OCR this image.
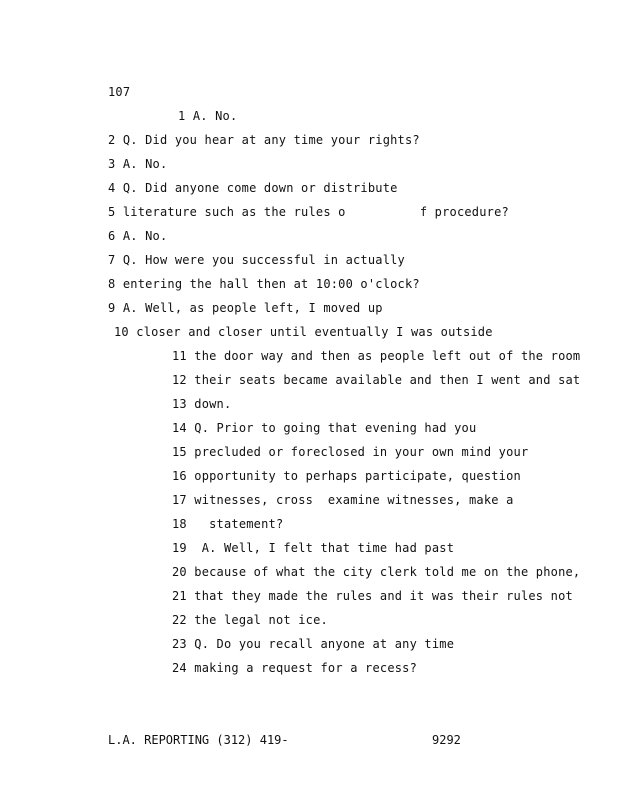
107
1 A. No.
2 Q. Did you hear at any time your rights?
3 A. No.
4 Q. Did anyone come down or distribute
5 literature such as the rules o          f procedure?
6 A. No.
7 Q. How were you successful in actually
8 entering the hall then at 10:00 o'clock?
9 A. Well, as people left, I moved up
10 closer and closer until eventually I was outside
11 the door way and then as people left out of the room
12 their seats became available and then I went and sat
13 down.
14 Q. Prior to going that evening had you
15 precluded or foreclosed in your own mind your
16 opportunity to perhaps participate, question
17 witnesses, cross  examine witnesses, make a
18   statement?
19  A. Well, I felt that time had past
20 because of what the city clerk told me on the phone,
21 that they made the rules and it was their rules not
22 the legal not ice.
23 Q. Do you recall anyone at any time
24 making a request for a recess?
L.A. REPORTING (312) 419-	9292
